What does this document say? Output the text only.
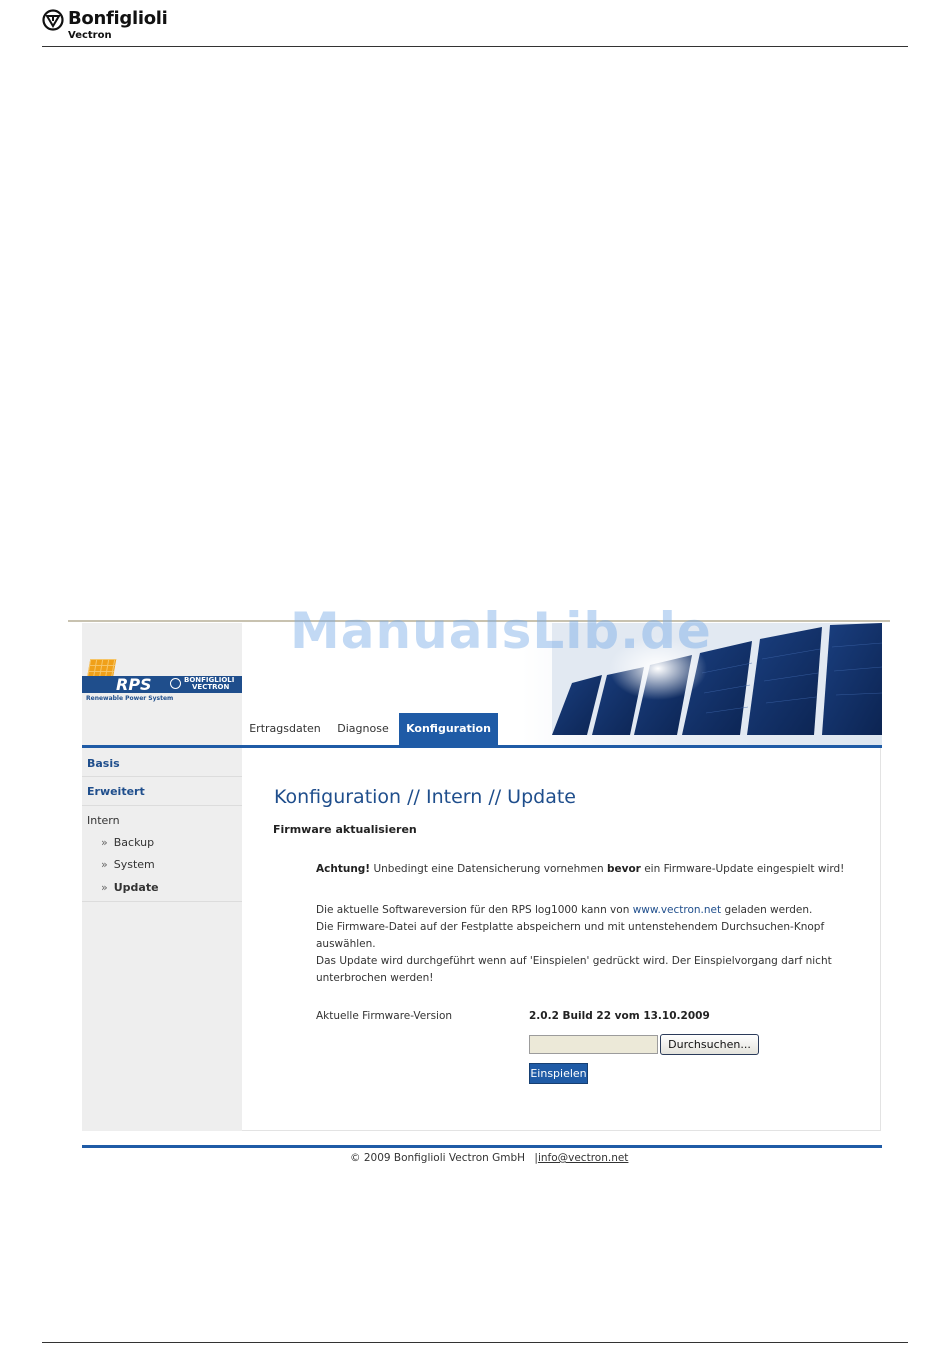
Bonfiglioli
Vectron
RPS	BONFIGLIOLI
VECTRON
Renewable Power System
Ertragsdaten	Diagnose	Konfiguration
Basis
Erweitert
Intern
» Backup
» System
» Update
Konfiguration // Intern // Update
Firmware aktualisieren
Achtung! Unbedingt eine Datensicherung vornehmen bevor ein Firmware-Update eingespielt wird!
Die aktuelle Softwareversion für den RPS log1000 kann von www.vectron.net geladen werden.
Die Firmware-Datei auf der Festplatte abspeichern und mit untenstehendem Durchsuchen-Knopf auswählen.
Das Update wird durchgeführt wenn auf 'Einspielen' gedrückt wird. Der Einspielvorgang darf nicht unterbrochen werden!
Aktuelle Firmware-Version	2.0.2 Build 22 vom 13.10.2009
Durchsuchen...
Einspielen
© 2009 Bonfiglioli Vectron GmbH |info@vectron.net
ManualsLib.de
